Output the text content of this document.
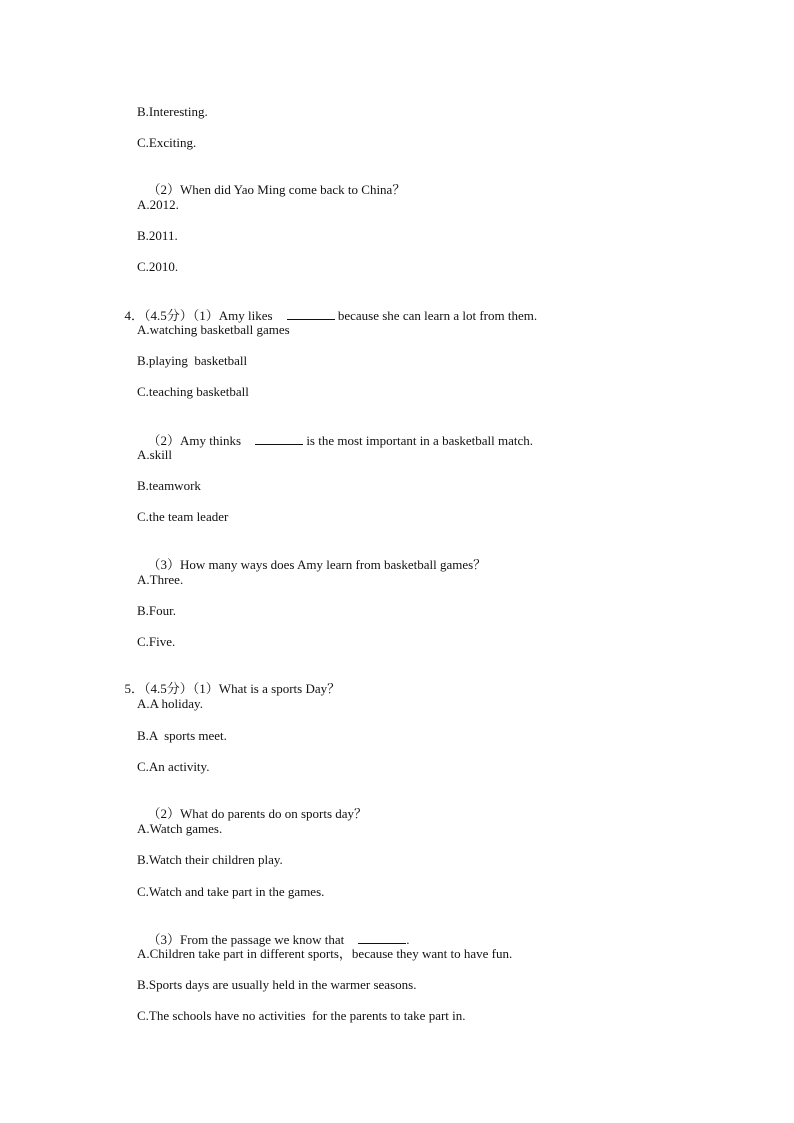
B.Interesting.
C.Exciting.

（2）When did Yao Ming come back to China？

A.2012.
B.2011.
C.2010.

4．（4.5分）（1）Amy likes	because she can learn a lot from them.

A.watching basketball games
B.playing  basketball
C.teaching basketball

（2）Amy thinks	is the most important in a basketball match.

A.skill
B.teamwork
C.the team leader

（3）How many ways does Amy learn from basketball games？

A.Three.
B.Four.
C.Five.

5．（4.5分）（1）What is a sports Day？

A.A holiday.
B.A  sports meet.
C.An activity.

（2）What do parents do on sports day？

A.Watch games.
B.Watch their children play.
C.Watch and take part in the games.

（3）From the passage we know that	.

A.Children take part in different sports，because they want to have fun.
B.Sports days are usually held in the warmer seasons.
C.The schools have no activities  for the parents to take part in.
